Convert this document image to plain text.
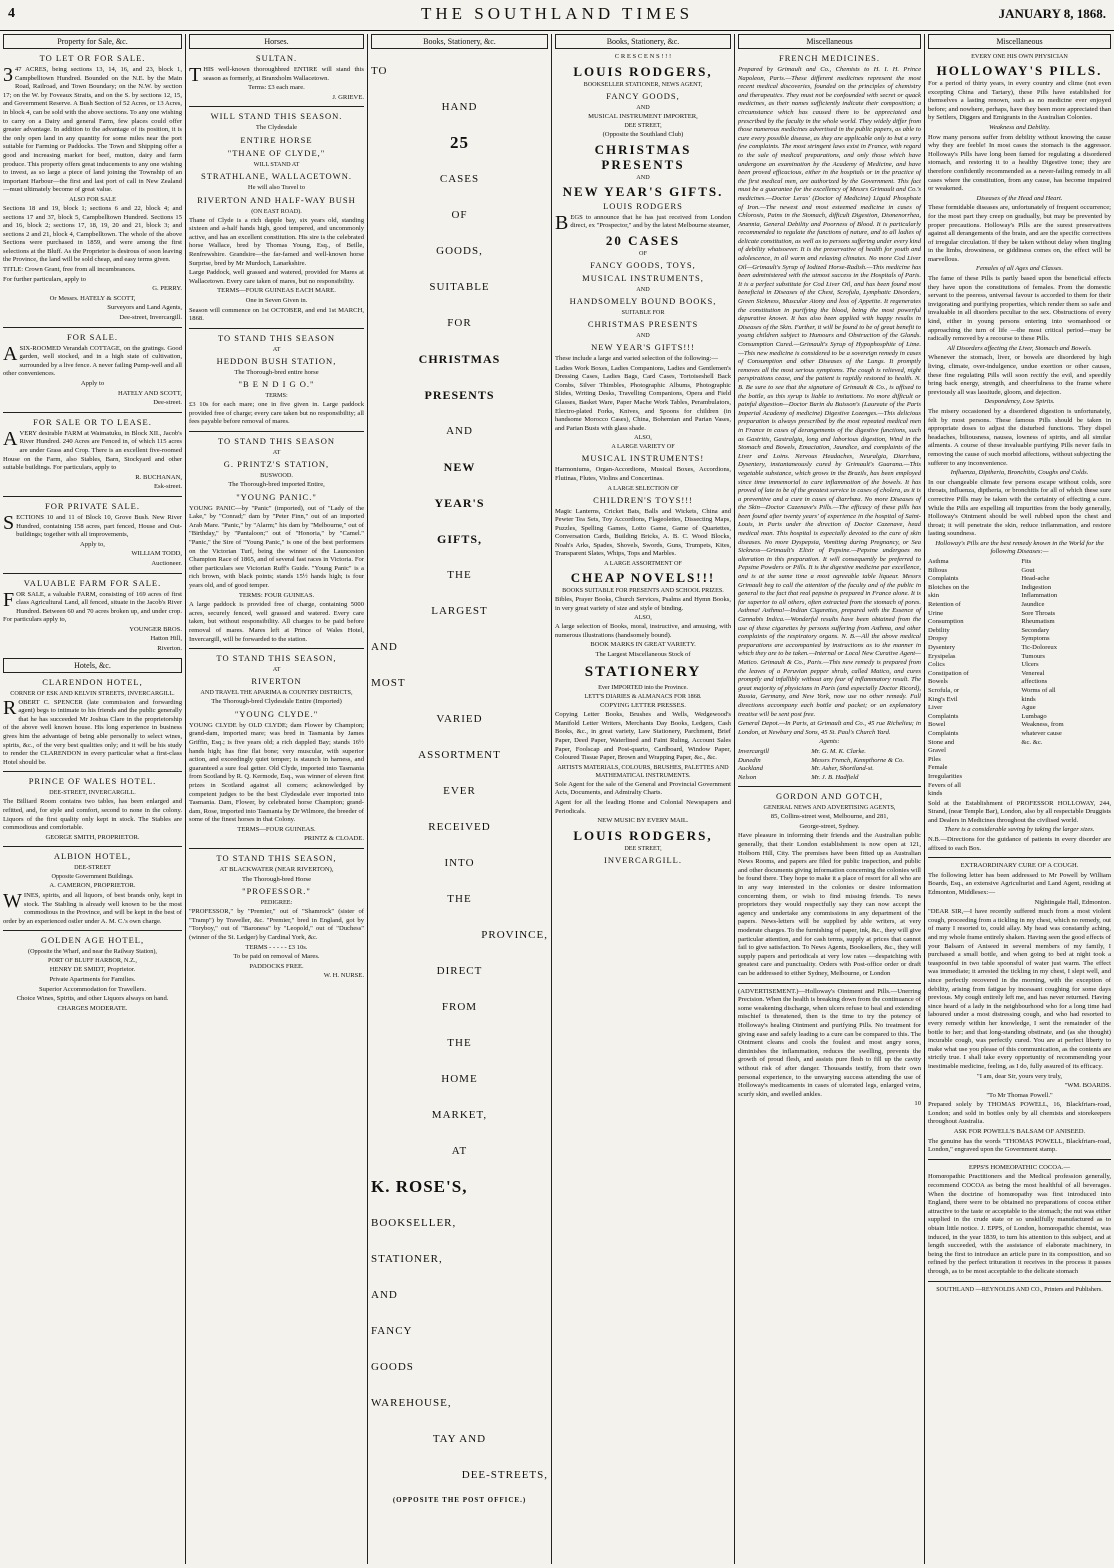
4	THE SOUTHLAND TIMES	JANUARY 8, 1868.
Property for Sale, &c.
TO LET OR FOR SALE.

347 ACRES, being sections 13, 14, 16, and 23, block 1, Campbelltown Hundred. Bounded on the N.E. by the Main Road, Railroad, and Town Boundary; on the N.W. by section 17; on the W. by Foveaux Straits, and on the S. by sections 12, 15, and Government Reserve. A Bush Section of 52 Acres, or 13 Acres, in block 4, can be sold with the above sections. To any one wishing to carry on a Dairy and general Farm, few places could offer greater advantage. In addition to the advantage of its position, it is the only open land in any quantity for some miles near the port suitable for Farming or Paddocks. The Town and Shipping offer a good and increasing market for beef, mutton, dairy and farm produce. This property offers great inducements to any one wishing to invest, as so large a piece of land joining the Township of an important Harbour—the first and last port of call in New Zealand—must ultimately become of great value.

ALSO FOR SALE

Sections 18 and 19, block 1; sections 6 and 22, block 4; and sections 17 and 37, block 5, Campbelltown Hundred. Sections 15 and 16, block 2; sections 17, 18, 19, 20 and 21, block 3; and sections 2 and 21, block 4, Campbelltown. The whole of the above Sections were purchased in 1859, and were among the first selections at the Bluff. As the Proprietor is desirous of soon leaving the Province, the land will be sold cheap, and easy terms given.

TITLE: Crown Grant, free from all incumbrances.

For further particulars, apply to

G. PERRY.
Or Messrs. HATELY & SCOTT,
Surveyors and Land Agents,
Dee-street, Invercargill.
FOR SALE.

ASIX-ROOMED Verandah COTTAGE, on the gratings. Good garden, well stocked, and in a high state of cultivation, surrounded by a live fence. A never failing Pump-well and all other conveniences.

Apply to
HATELY AND SCOTT,
Dee-street.
FOR SALE OR TO LEASE.

AVERY desirable FARM at Waimatuku, in Block XII., Jacob's River Hundred. 240 Acres are Fenced in, of which 115 acres are under Grass and Crop. There is an excellent five-roomed House on the Farm, also Stables, Barn, Stockyard and other suitable buildings. For particulars, apply to

R. BUCHANAN,
Esk-street.
FOR PRIVATE SALE.

SECTIONS 10 and 11 of Block 10, Grove Bush. New River Hundred, containing 158 acres, part fenced, House and Out-buildings; together with all improvements,

Apply to,
WILLIAM TODD,
Auctioneer.
VALUABLE FARM FOR SALE.

FOR SALE, a valuable FARM, consisting of 169 acres of first class Agricultural Land, all fenced, situate in the Jacob's River Hundred. Between 60 and 70 acres broken up, and under crop. For particulars apply to,

YOUNGER BROS.
Hatton Hill,
Riverton.
Hotels, &c.
CLARENDON HOTEL,
CORNER OF ESK AND KELVIN STREETS, INVERCARGILL.

ROBERT C. SPENCER (late commission and forwarding agent) begs to intimate to his friends and the public generally that he has succeeded Mr Joshua Clare in the proprietorship of the above well known house. His long experience in business gives him the advantage of being able personally to select wines, spirits, &c., of the very best qualities only; and it will be his study to render the CLARENDON in every particular what a first-class Hotel should be.

PRINCE OF WALES HOTEL.
DEE-STREET, INVERCARGILL.

The Billiard Room contains two tables, has been enlarged and refitted, and, for style and comfort, second to none in the colony. Liquors of the first quality only kept in stock. The Stables are commodious and comfortable.

GEORGE SMITH, PROPRIETOR.
ALBION HOTEL,
DEE-STREET
Opposite Government Buildings.
A. CAMERON, PROPRIETOR.

WINES, spirits, and all liquors, of best brands only, kept in stock. The Stabling is already well known to be the most commodious in the Province, and will be kept in the best of order by an experienced ostler under A. M. C.'s own charge.

GOLDEN AGE HOTEL,
(Opposite the Wharf, and near the Railway Station),
PORT OF BLUFF HARBOR, N.Z.,
HENRY DE SMIDT, Proprietor.
Private Apartments for Families.
Superior Accommodation for Travellers.
Choice Wines, Spirits, and other Liquors always on hand.
CHARGES MODERATE.
Horses.
SULTAN.

THIS well-known thoroughbred ENTIRE will stand this season as formerly, at Branxholm Wallacetown.

Terms: £3 each mare.
J. GRIEVE.
WILL STAND THIS SEASON.
The Clydesdale
ENTIRE HORSE
"THANE OF CLYDE,"
WILL STAND AT
STRATHLANE, WALLACETOWN.
He will also Travel to
RIVERTON AND HALF-WAY BUSH
(ON EAST ROAD).

Thane of Clyde is a rich dapple bay, six years old, standing sixteen and a-half hands high, good tempered, and uncommonly active, and has an excellent constitution. His sire is the celebrated horse Wallace, bred by Thomas Young, Esq., of Beille, Renfrewshire. Grandsire—the far-famed and well-known horse Surprise, bred by Mr Murdoch, Lanarkshire.

Large Paddock, well grassed and watered, provided for Mares at Wallacetown. Every care taken of mares, but no responsibility.

TERMS—FOUR GUINEAS EACH MARE.
One in Seven Given in.

Season will commence on 1st OCTOBER, and end 1st MARCH, 1868.

TO STAND THIS SEASON
AT
HEDDON BUSH STATION,
The Thorough-bred entire horse
"B E N D I G O."
TERMS:

£3 10s for each mare; one in five given in. Large paddock provided free of charge; every care taken but no responsibility; all fees payable before removal of mares.

TO STAND THIS SEASON
AT
G. PRINTZ'S STATION,
BUSWOOD.
The Thorough-bred imported Entire,
"YOUNG PANIC."

YOUNG PANIC—by "Panic" (imported), out of "Lady of the Lake," by "Conrad;" dam by "Peter Finn," out of an imported Arab Mare. "Panic," by "Alarm;" his dam by "Melbourne," out of "Birthday," by "Pantaloon;" out of "Honoria," by "Camel." "Panic," the Sire of "Young Panic," is one of the best performers on the Victorian Turf, being the winner of the Launceston Champion Race of 1865, and of several fast races in Victoria. For other particulars see Victorian Ruff's Guide. "Young Panic" is a rich brown, with black points; stands 15½ hands high; is four years old, and of good temper.

TERMS: FOUR GUINEAS.

A large paddock is provided free of charge, containing 5000 acres, securely fenced, well grassed and watered. Every care taken, but without responsibility. All charges to be paid before removal of mares. Mares left at Prince of Wales Hotel, Invercargill, will be forwarded to the station.

TO STAND THIS SEASON,
AT
RIVERTON
AND TRAVEL THE APARIMA & COUNTRY DISTRICTS,
The Thorough-bred Clydesdale Entire (Imported)
"YOUNG CLYDE."

YOUNG CLYDE by OLD CLYDE; dam Flower by Champion; grand-dam, imported mare; was bred in Tasmania by James Griffin, Esq.; is five years old; a rich dappled Bay; stands 16½ hands high; has fine flat bone; very muscular, with superior action, and exceedingly quiet temper; is staunch in harness, and guaranteed a sure foal getter. Old Clyde, imported into Tasmania from Scotland by R. Q. Kermode, Esq., was winner of eleven first prizes in Scotland against all comers; acknowledged by competent judges to be the best Clydesdale ever imported into Tasmania. Dam, Flower, by celebrated horse Champion; grand-dam, Rose, imported into Tasmania by Dr Wilmore, the breeder of some of the finest horses in that Colony.

TERMS—FOUR GUINEAS.
PRINTZ & CLOADE.
TO STAND THIS SEASON,
AT BLACKWATER (NEAR RIVERTON),
The Thorough-bred Horse
"PROFESSOR."
PEDIGREE:

"PROFESSOR," by "Premier," out of "Shamrock" (sister of "Tramp") by Traveller, &c. "Premier," bred in England, got by "Toryboy," out of "Baroness" by "Leopold," out of "Duchess" (winner of the St. Ledger) by Cardinal York, &c.

TERMS - - - - - £3 10s.
To be paid on removal of Mares.
PADDOCKS FREE.
W. H. NURSE.
Books, Stationery, &c.
TO
HAND
25
CASES
OF
GOODS,
SUITABLE
FOR
CHRISTMAS
PRESENTS
AND
NEW
YEAR'S
GIFTS,
THE
LARGEST
AND
MOST
VARIED
ASSORTMENT
EVER
RECEIVED
INTO
THE
PROVINCE,
DIRECT
FROM
THE
HOME
MARKET,
AT
K. ROSE'S,
BOOKSELLER,
STATIONER,
AND
FANCY
GOODS
WAREHOUSE,
TAY AND
DEE-STREETS,
(OPPOSITE THE POST OFFICE.)
Books, Stationery, &c.
C R E S C E N S ! ! !
LOUIS RODGERS,
BOOKSELLER STATIONER, NEWS AGENT,
FANCY GOODS,
AND
MUSICAL INSTRUMENT IMPORTER,
DEE STREET,
(Opposite the Southland Club)
CHRISTMAS PRESENTS
AND
NEW YEAR'S GIFTS.
LOUIS RODGERS

BEGS to announce that he has just received from London direct, ex "Prospector," and by the latest Melbourne steamer,

20 CASES
OF
FANCY GOODS, TOYS,
MUSICAL INSTRUMENTS,
AND
HANDSOMELY BOUND BOOKS,
SUITABLE FOR
CHRISTMAS PRESENTS
AND
NEW YEAR'S GIFTS!!!

These include a large and varied selection of the following:—

Ladies Work Boxes, Ladies Companions, Ladies and Gentlemen's Dressing Cases, Ladies Bags, Card Cases, Tortoiseshell Back Combs, Silver Thimbles, Photographic Albums, Photographic Slides, Writing Desks, Travelling Companions, Opera and Field Glasses, Basket Ware, Paper Mache Work Tables, Perambulators, Electro-plated Forks, Knives, and Spoons for children (in handsome Morocco Cases), China, Bohemian and Parian Vases, and Parian Busts with glass shade.

ALSO,
A LARGE VARIETY OF
MUSICAL INSTRUMENTS!

Harmoniums, Organ-Accordions, Musical Boxes, Accordions, Flutinas, Flutes, Violins and Concertinas.

A LARGE SELECTION OF
CHILDREN'S TOYS!!!

Magic Lanterns, Cricket Bats, Balls and Wickets, China and Pewter Tea Sets, Toy Accordions, Flageolettes, Dissecting Maps, Puzzles, Spelling Games, Lotto Game, Game of Quartettes, Conversation Cards, Building Bricks, A. B. C. Wood Blocks, Noah's Arks, Spades, Shovels, Swords, Guns, Trumpets, Kites, Transparent Slates, Whips, Tops and Marbles.

A LARGE ASSORTMENT OF
CHEAP NOVELS!!!
BOOKS SUITABLE FOR PRESENTS AND SCHOOL PRIZES.

Bibles, Prayer Books, Church Services, Psalms and Hymn Books, in very great variety of size and style of binding.

ALSO,

A large selection of Books, moral, instructive, and amusing, with numerous illustrations (handsomely bound).

BOOK MARKS IN GREAT VARIETY.
The Largest Miscellaneous Stock of
STATIONERY
Ever IMPORTED into the Province.
LETT'S DIARIES & ALMANACS FOR 1868.
COPYING LETTER PRESSES.

Copying Letter Books, Brushes and Wells, Wedgewood's Manifold Letter Writers, Merchants Day Books, Ledgers, Cash Books, &c., in great variety, Law Stationery, Parchment, Brief Paper, Deed Paper, Waterlined and Faint Ruling, Account Sales Paper, Foolscap and Post-quarto, Cardboard, Window Paper, Coloured Tissue Paper, Brown and Wrapping Paper, &c., &c.

ARTISTS MATERIALS, COLOURS, BRUSHES, PALETTES AND MATHEMATICAL INSTRUMENTS.

Sole Agent for the sale of the General and Provincial Government Acts, Documents, and Admiralty Charts.

Agent for all the leading Home and Colonial Newspapers and Periodicals.

NEW MUSIC BY EVERY MAIL.
LOUIS RODGERS,
DEE STREET,
INVERCARGILL.
Miscellaneous
FRENCH MEDICINES.

Prepared by Grimault and Co., Chemists to H. I. H. Prince Napoleon, Paris.—These different medicines represent the most recent medical discoveries, founded on the principles of chemistry and therapeutics. They must not be confounded with secret or quack medicines, as their names sufficiently indicate their composition; a circumstance which has caused them to be appreciated and prescribed by the faculty in the whole world. They widely differ from those numerous medicines advertised in the public papers, as able to cure every possible disease, as they are applicable only to but a very few complaints. The most stringent laws exist in France, with regard to the sale of medical preparations, and only those which have undergone an examination by the Academy of Medicine, and have been proved efficacious, either in the hospitals or in the practice of the first medical men, are authorized by the Government. This fact must be a guarantee for the excellency of Messrs Grimault and Co.'s medicines.—Doctor Leras' (Doctor of Medicine) Liquid Phosphate of Iron.—The newest and most esteemed medicine in cases of Chlorosis, Pains in the Stomach, difficult Digestion, Dismenorrhea, Anæmia, General Debility and Poorness of Blood. It is particularly recommended to regulate the functions of nature, and to all ladies of delicate constitution, as well as to persons suffering under every kind of debility whatsoever. It is the preservative of health for youth and adolescence, in all warm and relaxing climates. No more Cod Liver Oil—Grimault's Syrup of Iodized Horse-Radish.—This medicine has been administered with the utmost success in the Hospitals of Paris. It is a perfect substitute for Cod Liver Oil, and has been found most beneficial in Diseases of the Chest, Scrofula, Lymphatic Disorders, Green Sickness, Muscular Atony and loss of Appetite. It regenerates the constitution in purifying the blood, being the most powerful depurative known. It has also been applied with happy results in Diseases of the Skin. Further, it will be found to be of great benefit to young children subject to Humours and Obstruction of the Glands. Consumption Cured.—Grimault's Syrup of Hypophosphite of Lime.—This new medicine is considered to be a sovereign remedy in cases of Consumption and other Diseases of the Lungs. It promptly removes all the most serious symptoms. The cough is relieved, night perspirations cease, and the patient is rapidly restored to health. N. B. Be sure to see that the signature of Grimault & Co., is affixed to the bottle, as this syrup is liable to imitations. No more difficult or painful digestion—Doctor Burin du Buisson's (Laureate of the Paris Imperial Academy of medicine) Digestive Lozenges.—This delicious preparation is always prescribed by the most repeated medical men in France in cases of derangements of the digestive functions, such as Gastritis, Gastralgia, long and laborious digestion, Wind in the Stomach and Bowels, Emaciation, Jaundice, and complaints of the Liver and Loins. Nervous Headaches, Neuralgia, Diarrhœa, Dysentery, instantaneously cured by Grimault's Guarana.—This vegetable substance, which grows in the Brazils, has been employed since time immemorial to cure inflammation of the bowels. It has proved of late to be of the greatest service in cases of cholera, as it is a preventive and a cure in cases of diarrhœa. No more Diseases of the Skin—Doctor Cazenave's Pills.—The efficacy of these pills has been found after twenty years' of experience in the hospital of Saint-Louis, in Paris under the direction of Doctor Cazenave, head medical man. This hospital is especially devoted to the cure of skin diseases. No more Dyspepsia, Vomiting during Pregnancy, or Sea Sickness—Grimault's Elixir of Pepsine.—Pepsine undergoes no alteration in this preparation. It will consequently be preferred to Pepsine Powders or Pills. It is the digestive medicine par excellence, and is at the same time a most agreeable table liqueur. Messrs Grimault beg to call the attention of the faculty and of the public in general to the fact that real pepsine is prepared in France alone. It is far superior to all others, often extracted from the stomach of pores. Asthma! Asthma!—Indian Cigarettes, prepared with the Essence of Cannabis Indica.—Wonderful results have been obtained from the use of these cigarettes by persons suffering from Asthma, and other complaints of the respiratory organs. N. B.—All the above medical preparations are accompanied by instructions as to the manner in which they are to be taken.—Internal or Local New Curative Agent—Matico. Grimault & Co., Paris.—This new remedy is prepared from the leaves of a Peruvian pepper shrub, called Matico, and cures promptly and infallibly without any fear of inflammatory result. The great majority of physicians in Paris (and especially Doctor Ricord), Russia, Germany, and New York, now use no other remedy. Full directions accompany each bottle and packet; or an explanatory treatise will be sent post free.

General Depot.—In Paris, at Grimault and Co., 45 rue Richelieu; in London, at Newbury and Sons, 45 St. Paul's Church Yard.

Agents:
Invercargill	Mr. G. M. K. Clarke.
Dunedin	Messrs French, Kempthorne & Co.
Auckland	Mr. Asher, Shortland-st.
Nelson	Mr. J. B. Hadfield
GORDON AND GOTCH,
GENERAL NEWS AND ADVERTISING AGENTS,
85, Collins-street west, Melbourne, and 281,
George-street, Sydney.

Have pleasure in informing their friends and the Australian public generally, that their London establishment is now open at 121, Holborn Hill, City. The premises have been fitted up as Australian News Rooms, and papers are filed for public inspection, and public and other documents giving information concerning the colonies will be found there. They hope to make it a place of resort for all who are in any way interested in the colonies or desire information concerning them, or wish to find missing friends. To news proprietors they would respectfully say they can now accept the agency and undertake any commissions in any department of the papers. News-letters will be supplied by able writers, at very moderate charges. To the furnishing of paper, ink, &c., they will give particular attention, and for cash terms, supply at prices that cannot fail to give satisfaction. To News Agents, Booksellers, &c., they will supply papers and periodicals at very low rates —despatching with greatest care and punctuality. Orders with Post-office order or draft can be addressed to either Sydney, Melbourne, or London

(ADVERTISEMENT.)—Holloway's Ointment and Pills.—Unerring Precision. When the health is breaking down from the continuance of some weakening discharge, when ulcers refuse to heal and extending mischief is threatened, then is the time to try the potency of Holloway's healing Ointment and purifying Pills. No treatment for giving ease and safely leading to a cure can be compared to this. The Ointment cleans and cools the foulest and most angry sores, diminishes the inflammation, reduces the swelling, prevents the growth of proud flesh, and assists pure flesh to fill up the cavity without risk of after danger. Thousands testify, from their own personal experience, to the unvarying success attending the use of Holloway's medicaments in cases of ulcerated legs, enlarged veins, scurfy skin, and swelled ankles.

10
Miscellaneous
EVERY ONE HIS OWN PHYSICIAN
HOLLOWAY'S PILLS.

For a period of thirty years, in every country and clime (not even excepting China and Tartary), these Pills have established for themselves a lasting renown, such as no medicine ever enjoyed before; and nowhere, perhaps, have they been more appreciated than by Settlers, Diggers and Emigrants in the Australian Colonies.

Weakness and Debility.

How many persons suffer from debility without knowing the cause why they are feeble! In most cases the stomach is the aggressor. Holloway's Pills have long been famed for regulating a disordered stomach, and restoring it to a healthy Digestive tone; they are therefore confidently recommended as a never-failing remedy in all cases where the constitution, from any cause, has become impaired or weakened.

Diseases of the Head and Heart.

These formidable diseases are, unfortunately of frequent occurrence; for the most part they creep on gradually, but may be prevented by proper precautions. Holloway's Pills are the surest preservatives against all derangements of the brain, and are the specific correctives of irregular circulation. If they be taken without delay when tingling in the limbs, drowsiness, or giddiness comes on, the effect will be marvellous.

Females of all Ages and Classes.

The fame of these Pills is partly based upon the beneficial effects they have upon the constitutions of females. From the domestic servant to the peeress, universal favour is accorded to them for their invigorating and purifying properties, which render them so safe and invaluable in all disorders peculiar to the sex. Obstructions of every kind, either in young persons entering into womanhood or approaching the turn of life —the most critical period—may be radically removed by a recourse to these Pills.

All Disorders affecting the Liver, Stomach and Bowels.

Whenever the stomach, liver, or bowels are disordered by high living, climate, over-indulgence, undue exertion or other causes, these fine regulating Pills will soon rectify the evil, and speedily bring back energy, strength, and cheerfulness to the frame where previously all was lassitude, gloom, and dejection.

Despondency, Low Spirits.

The misery occasioned by a disordered digestion is unfortunately, felt by most persons. These famous Pills should be taken in appropriate doses to adjust the disturbed functions. They dispel headaches, biliousness, nausea, lowness of spirits, and all similar ailments. A course of these invaluable purifying Pills never fails in removing the cause of such morbid affections, without subjecting the sufferer to any inconvenience.

Influenza, Diptheria, Bronchitis, Coughs and Colds.

In our changeable climate few persons escape without colds, sore throats, influenza, diptheria, or bronchitis for all of which these sure corrective Pills may be taken with the certainty of effecting a cure. While the Pills are expelling all impurities from the body generally, Holloway's Ointment should be well rubbed upon the chest and throat; it will penetrate the skin, reduce inflammation, and restore lasting soundness.

Holloway's Pills are the best remedy known in the World for the following Diseases:—
Asthma
Bilious Complaints
Blotches on the skin
Retention of Urine
Consumption
Debility
Dropsy
Dysentery
Erysipelas
Colics
Constipation of Bowels
Scrofula, or King's Evil
Liver Complaints
Bowel Complaints
Stone and Gravel
Piles
Female Irregularities
Fevers of all kinds
Fits
Gout
Head-ache
Indigestion
Inflammation
Jaundice
Sore Throats
Rheumatism
Secondary Symptoms
Tic-Doloreux
Tumours
Ulcers
Venereal affections
Worms of all kinds
Ague
Lumbago
Weakness, from whatever cause &c. &c.

Sold at the Establishment of PROFESSOR HOLLOWAY, 244, Strand, (near Temple Bar), London, also by all respectable Druggists and Dealers in Medicines throughout the civilised world.

There is a considerable saving by taking the larger sizes.

N.B.—Directions for the guidance of patients in every disorder are affixed to each Box.

EXTRAORDINARY CURE OF A COUGH.

The following letter has been addressed to Mr Powell by William Boards, Esq., an extensive Agriculturist and Land Agent, residing at Edmonton, Middlesex:—

Nightingale Hall, Edmonton.

"DEAR SIR,—I have recently suffered much from a most violent cough, proceeding from a tickling in my chest, which no remedy, out of many I resorted to, could allay. My head was constantly aching, and my whole frame entirely shaken. Having seen the good effects of your Balsam of Aniseed in several members of my family, I purchased a small bottle, and when going to bed at night took a teaspoonful in two table spoonsful of water just warm. The effect was immediate; it arrested the tickling in my chest, I slept well, and since perfectly recovered in the morning, with the exception of debility, arising from fatigue by incessant coughing for some days previous. My cough entirely left me, and has never returned. Having since heard of a lady in the neighbourhood who for a long time had laboured under a most distressing cough, and who had resorted to every remedy within her knowledge, I sent the remainder of the bottle to her; and that long-standing obstinate, and (as she thought) incurable cough, was perfectly cured. You are at perfect liberty to make what use you please of this communication, as the contents are strictly true. I shall take every opportunity of recommending your inestimable medicine, feeling, as I do, fully assured of its efficacy.

"I am, dear Sir, yours very truly,
"WM. BOARDS.
"To Mr Thomas Powell."

Prepared solely by THOMAS POWELL, 16, Blackfriars-road, London; and sold in bottles only by all chemists and storekeepers throughout Australia.

ASK FOR POWELL'S BALSAM OF ANISEED.

The genuine has the words "THOMAS POWELL, Blackfriars-road, London," engraved upon the Government stamp.

EPPS'S HOMEOPATHIC COCOA.—

Homœopathic Practitioners and the Medical profession generally, recommend COCOA as being the most healthful of all beverages. When the doctrine of homœopathy was first introduced into England, there were to be obtained no preparations of cocoa either attractive to the taste or acceptable to the stomach; the nut was either supplied in the crude state or so unskilfully manufactured as to obtain little notice. J. EPPS, of London, homœopathic chemist, was induced, in the year 1839, to turn his attention to this subject, and at length succeeded, with the assistance of elaborate machinery, in being the first to introduce an article pure in its composition, and so refined by the perfect trituration it receives in the process it passes through, as to be most acceptable to the delicate stomach

SOUTHLAND —REYNOLDS AND CO., Printers and Publishers.
